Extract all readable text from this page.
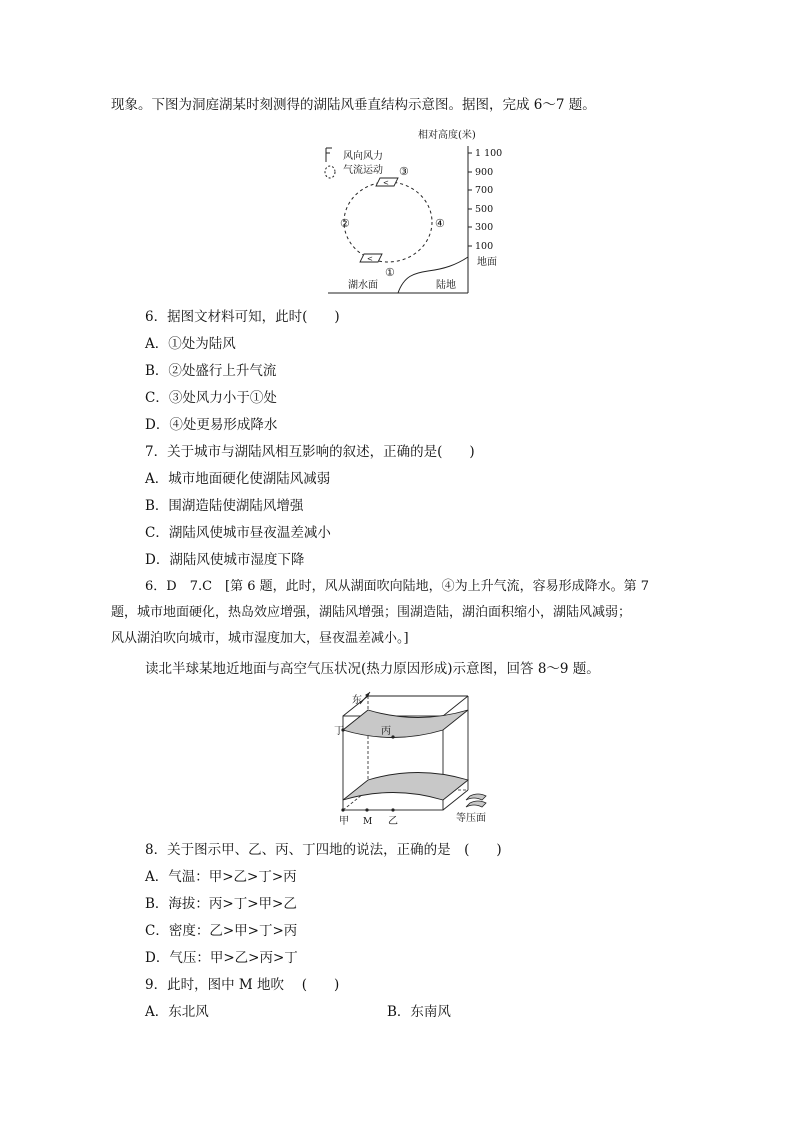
现象。下图为洞庭湖某时刻测得的湖陆风垂直结构示意图。据图，完成 6～7 题。
相对高度(米)
1 100
900
700
500
300
100
地面
湖水面	陆地
风向风力
气流运动
<
<
③
②	④
①
6．据图文材料可知，此时(　　)
A．①处为陆风
B．②处盛行上升气流
C．③处风力小于①处
D．④处更易形成降水
7．关于城市与湖陆风相互影响的叙述，正确的是(　　)
A．城市地面硬化使湖陆风减弱
B．围湖造陆使湖陆风增强
C．湖陆风使城市昼夜温差减小
D．湖陆风使城市湿度下降
6．D　7.C　[第 6 题，此时，风从湖面吹向陆地，④为上升气流，容易形成降水。第 7
题，城市地面硬化，热岛效应增强，湖陆风增强；围湖造陆，湖泊面积缩小，湖陆风减弱；
风从湖泊吹向城市，城市湿度加大，昼夜温差减小。]
读北半球某地近地面与高空气压状况(热力原因形成)示意图，回答 8～9 题。
东
丁	丙
甲 M 乙	等压面
8．关于图示甲、乙、丙、丁四地的说法，正确的是　(　　)
A．气温：甲>乙>丁>丙
B．海拔：丙>丁>甲>乙
C．密度：乙>甲>丁>丙
D．气压：甲>乙>丙>丁
9．此时，图中 M 地吹　 (　　)
A．东北风	B．东南风
